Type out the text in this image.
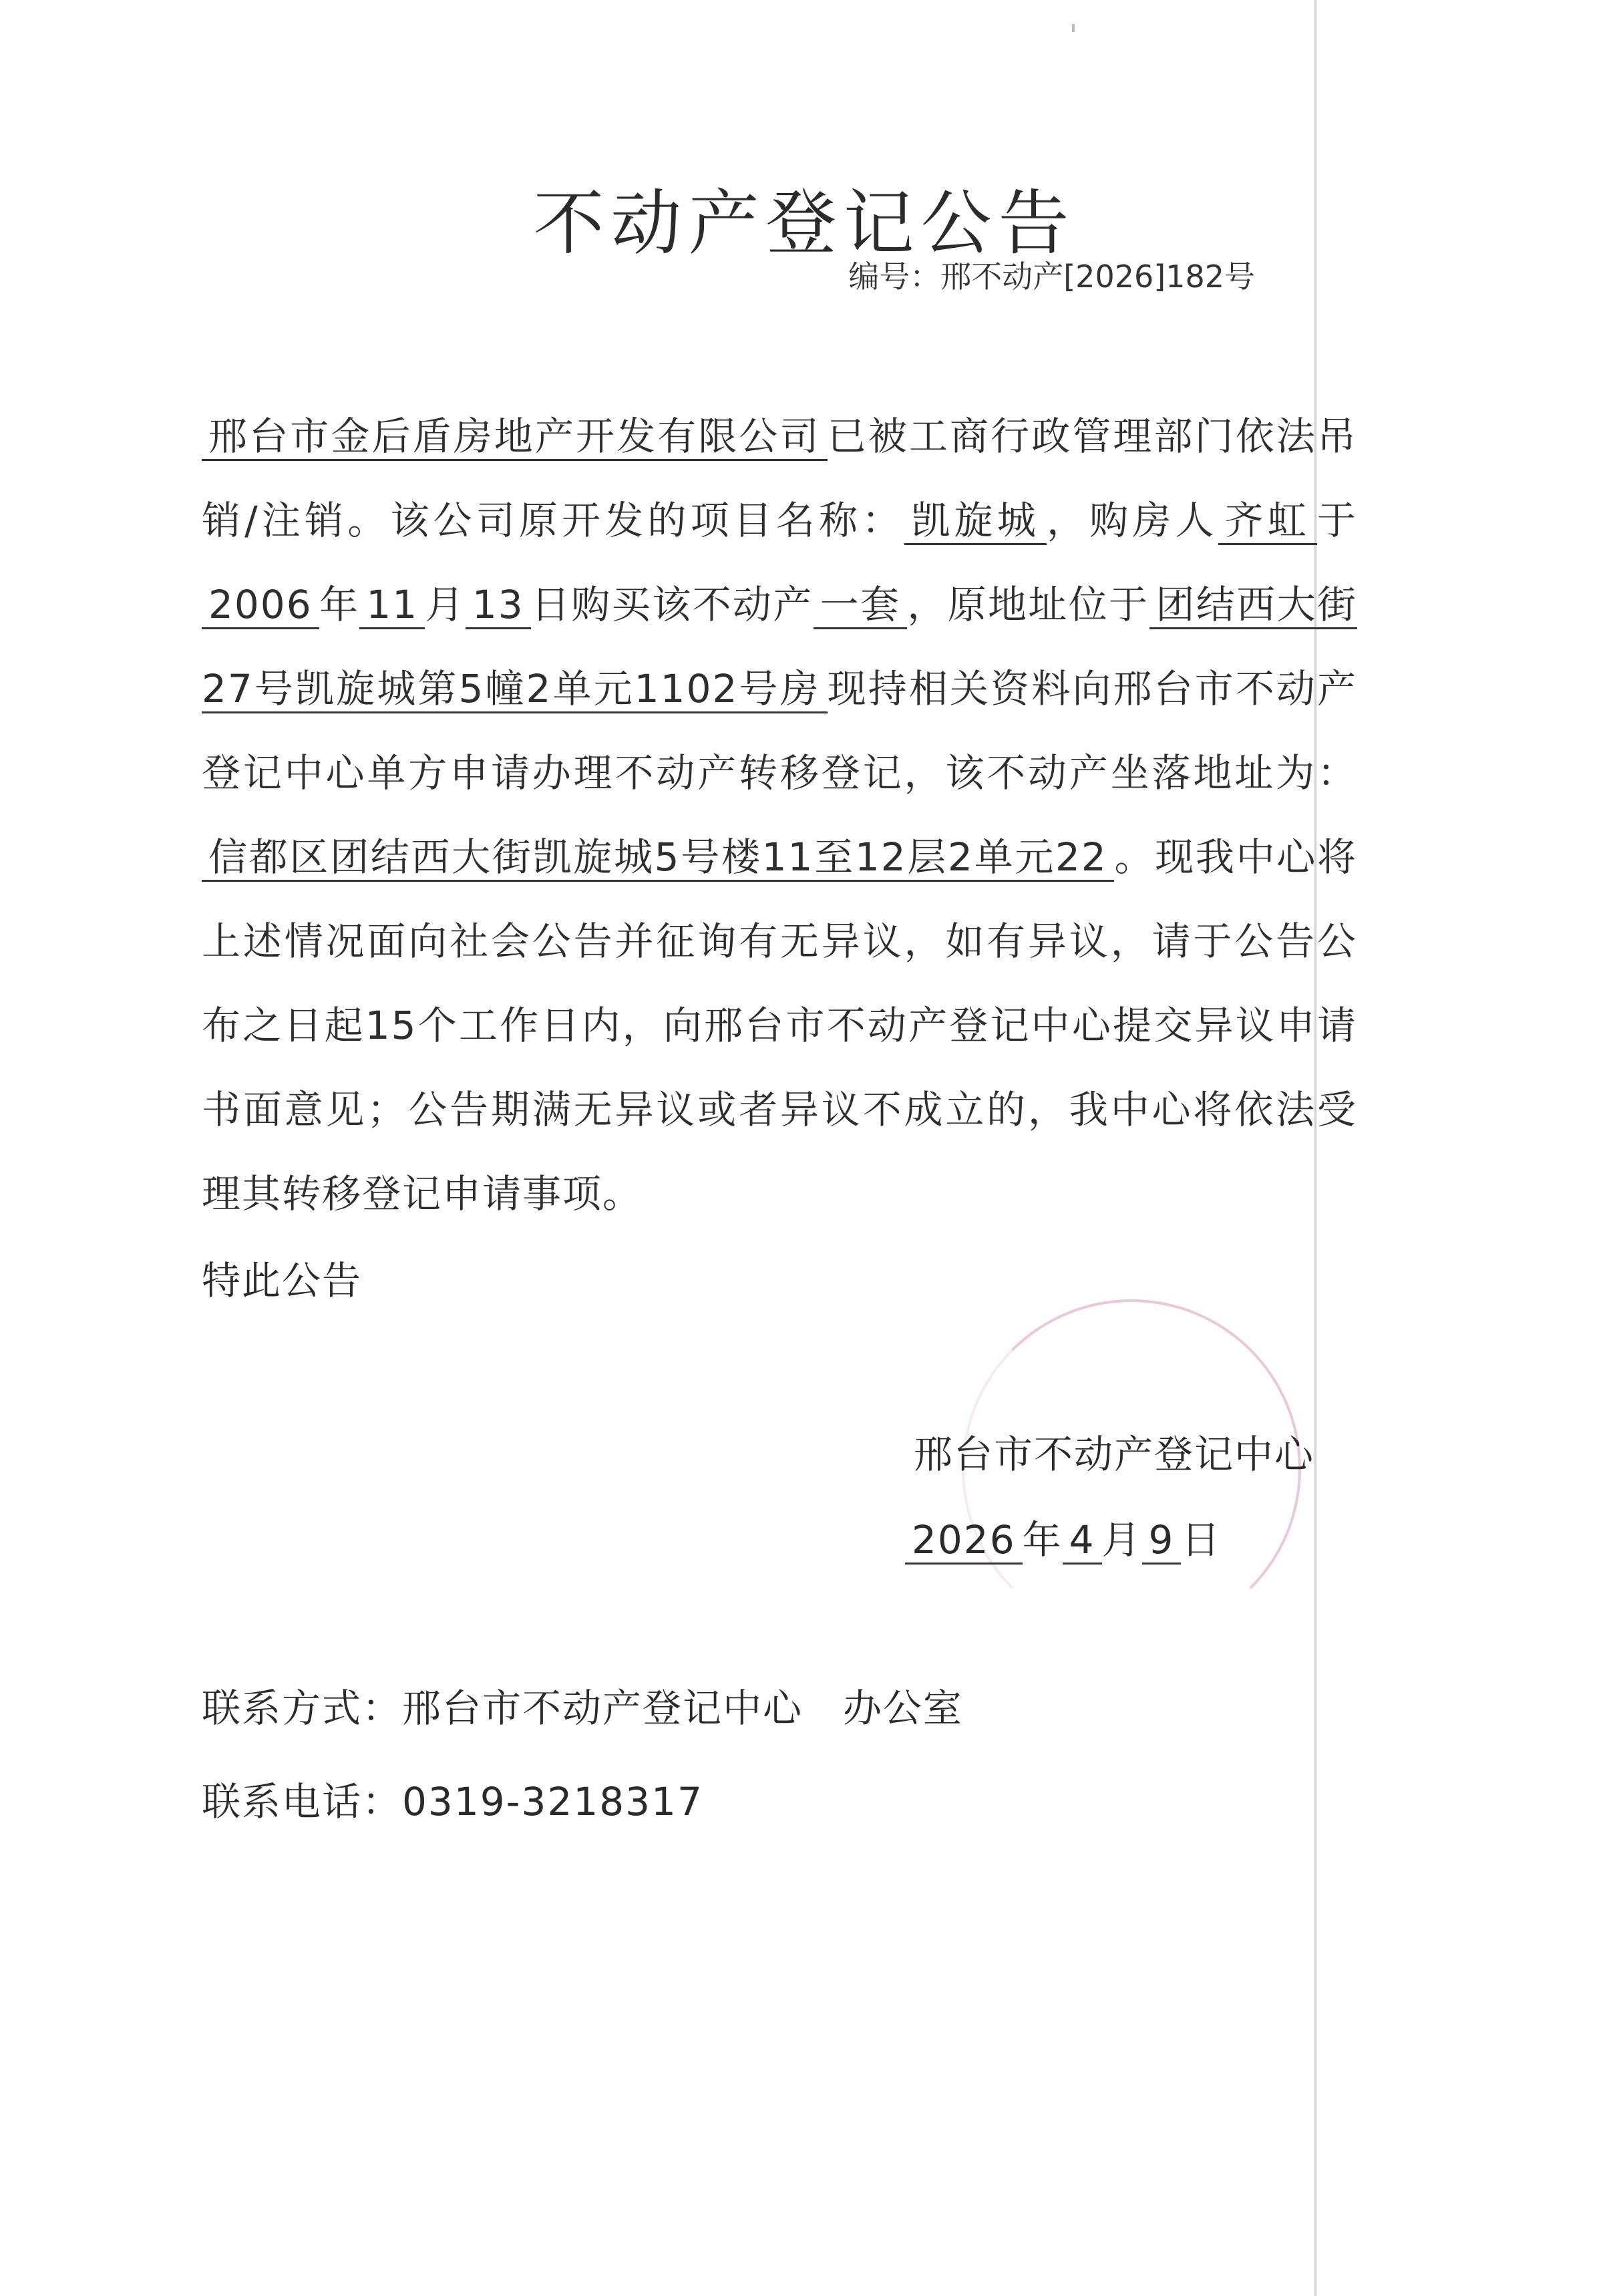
不动产登记公告
编号：邢不动产[2026]182号
邢台市金后盾房地产开发有限公司 已被工商行政管理部门依法吊销/注销。该公司原开发的项目名称： 凯旋城 ，购房人 齐虹 于2006 年 11 月 13 日购买该不动产 一套 ，原地址位于 团结西大街27号凯旋城第5幢2单元1102号房 现持相关资料向邢台市不动产登记中心单方申请办理不动产转移登记，该不动产坐落地址为：信都区团结西大街凯旋城5号楼11至12层2单元22 。现我中心将上述情况面向社会公告并征询有无异议，如有异议，请于公告公布之日起15个工作日内，向邢台市不动产登记中心提交异议申请书面意见；公告期满无异议或者异议不成立的，我中心将依法受理其转移登记申请事项。
特此公告
邢台市不动产登记中心
2026 年 4 月 9 日
联系方式：邢台市不动产登记中心 办公室
联系电话：0319-3218317
